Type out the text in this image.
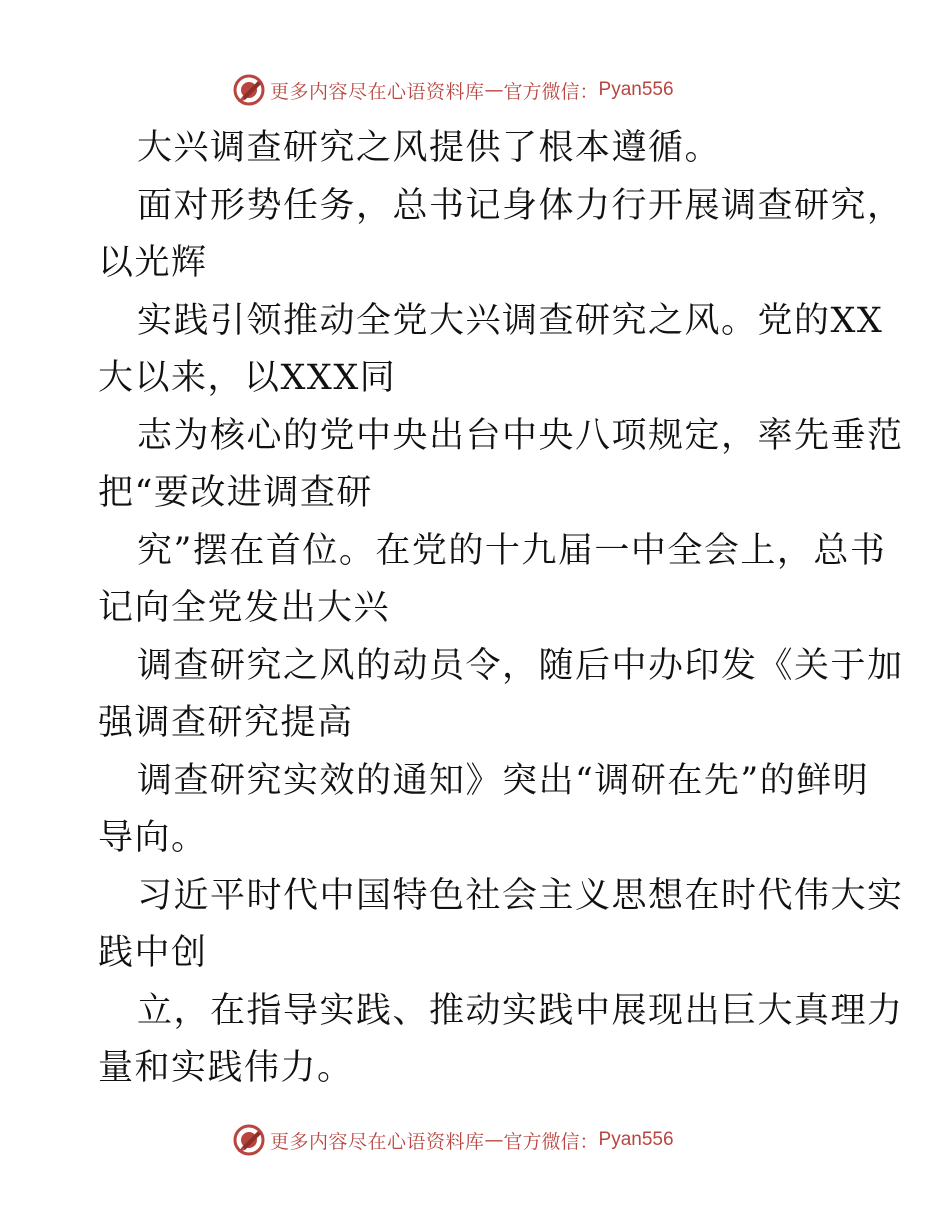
更多内容尽在心语资料库 — 官方微信： Pyan556
大兴调查研究之风提供了根本遵循。
面对形势任务，总书记身体力行开展调查研究，
以光辉
实践引领推动全党大兴调查研究之风。党的XX
大以来，以XXX同
志为核心的党中央出台中央八项规定，率先垂范
把“要改进调查研
究”摆在首位。在党的十九届一中全会上，总书
记向全党发出大兴
调查研究之风的动员令，随后中办印发《关于加
强调查研究提高
调查研究实效的通知》突出“调研在先”的鲜明
导向。
习近平时代中国特色社会主义思想在时代伟大实
践中创
立，在指导实践、推动实践中展现出巨大真理力
量和实践伟力。
更多内容尽在心语资料库 — 官方微信： Pyan556
